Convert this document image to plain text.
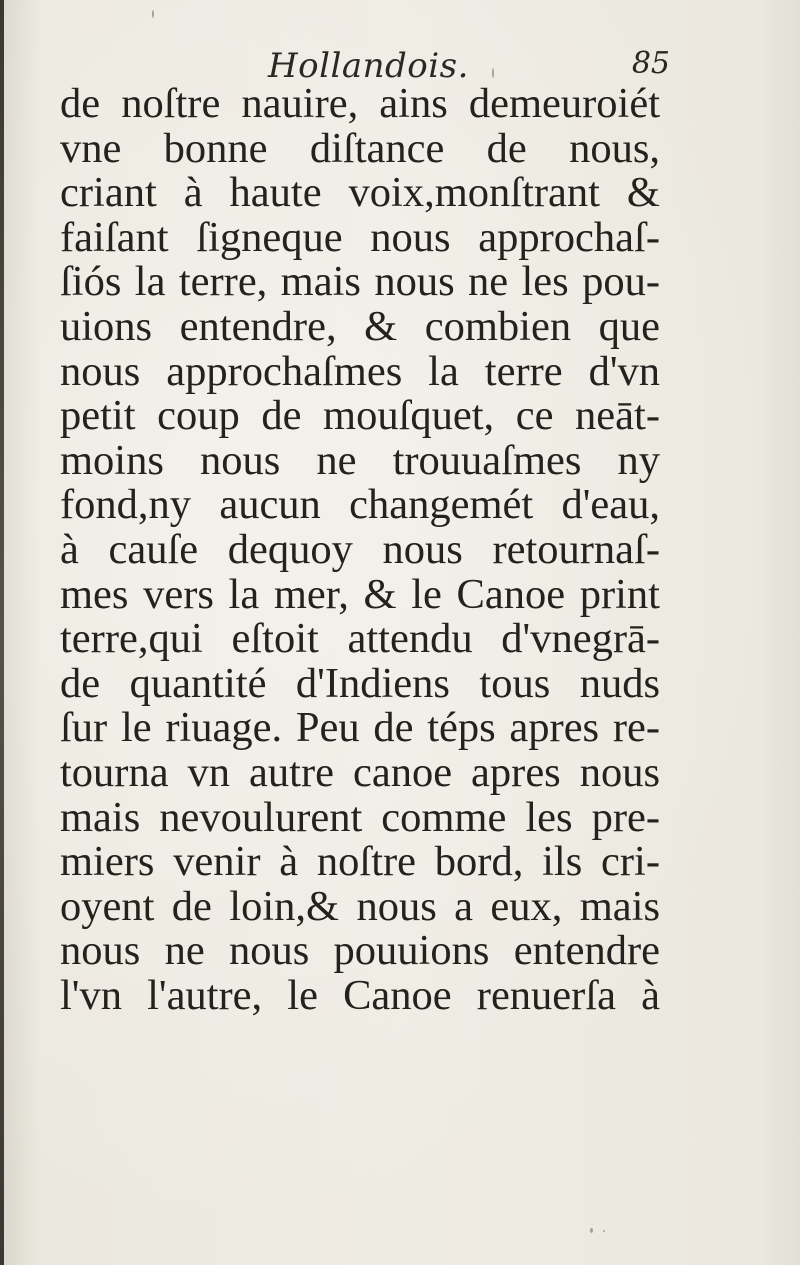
Hollandois.	85
de noſtre nauire, ains demeuroiét
vne bonne diſtance de nous,
criant à haute voix,monſtrant &
faiſant ſigneque nous approchaſ-
ſiós la terre, mais nous ne les pou-
uions entendre, & combien que
nous approchaſmes la terre d'vn
petit coup de mouſquet, ce neāt-
moins nous ne trouuaſmes ny
fond,ny aucun changemét d'eau,
à cauſe dequoy nous retournaſ-
mes vers la mer, & le Canoe print
terre,qui eſtoit attendu d'vnegrā-
de quantité d'Indiens tous nuds
ſur le riuage. Peu de téps apres re-
tourna vn autre canoe apres nous
mais nevoulurent comme les pre-
miers venir à noſtre bord, ils cri-
oyent de loin,& nous a eux, mais
nous ne nous pouuions entendre
l'vn l'autre, le Canoe renuerſa à
